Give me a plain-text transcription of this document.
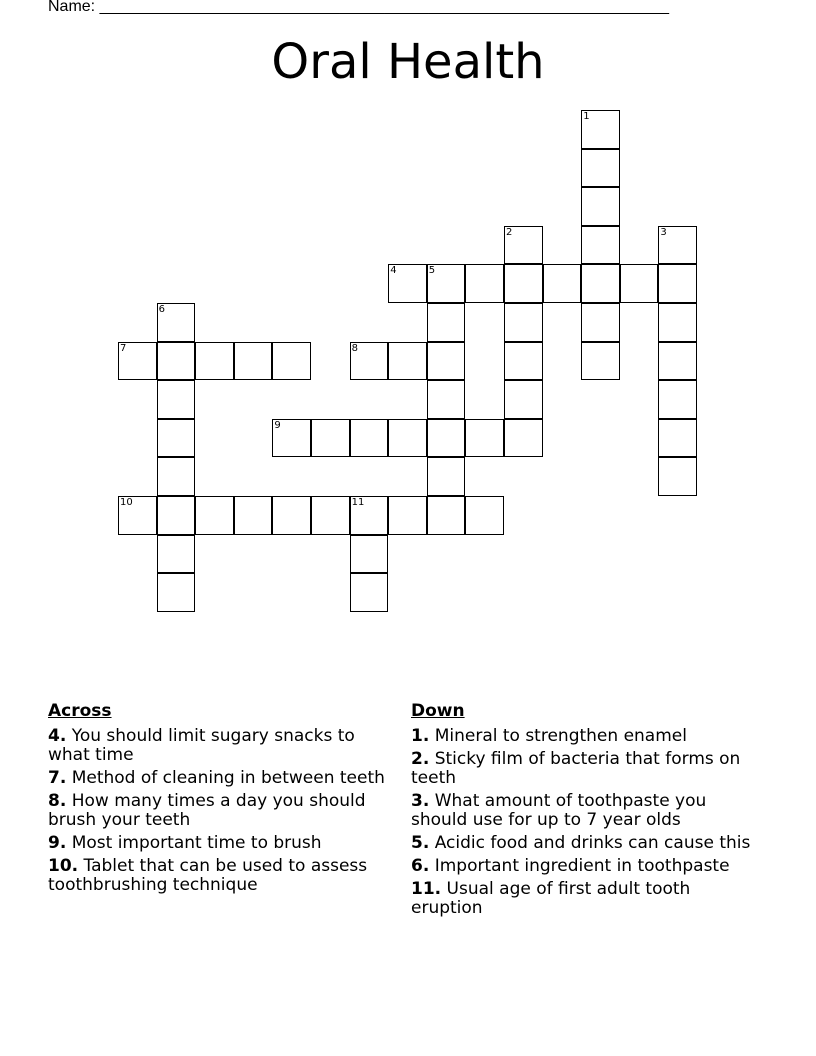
Name: ________________________________________________________________
Oral Health
1
2	3
4	5
6
7	8
9
10	11
Across
4. You should limit sugary snacks to what time
7. Method of cleaning in between teeth
8. How many times a day you should brush your teeth
9. Most important time to brush
10. Tablet that can be used to assess toothbrushing technique
Down
1. Mineral to strengthen enamel
2. Sticky film of bacteria that forms on teeth
3. What amount of toothpaste you should use for up to 7 year olds
5. Acidic food and drinks can cause this
6. Important ingredient in toothpaste
11. Usual age of first adult tooth eruption
